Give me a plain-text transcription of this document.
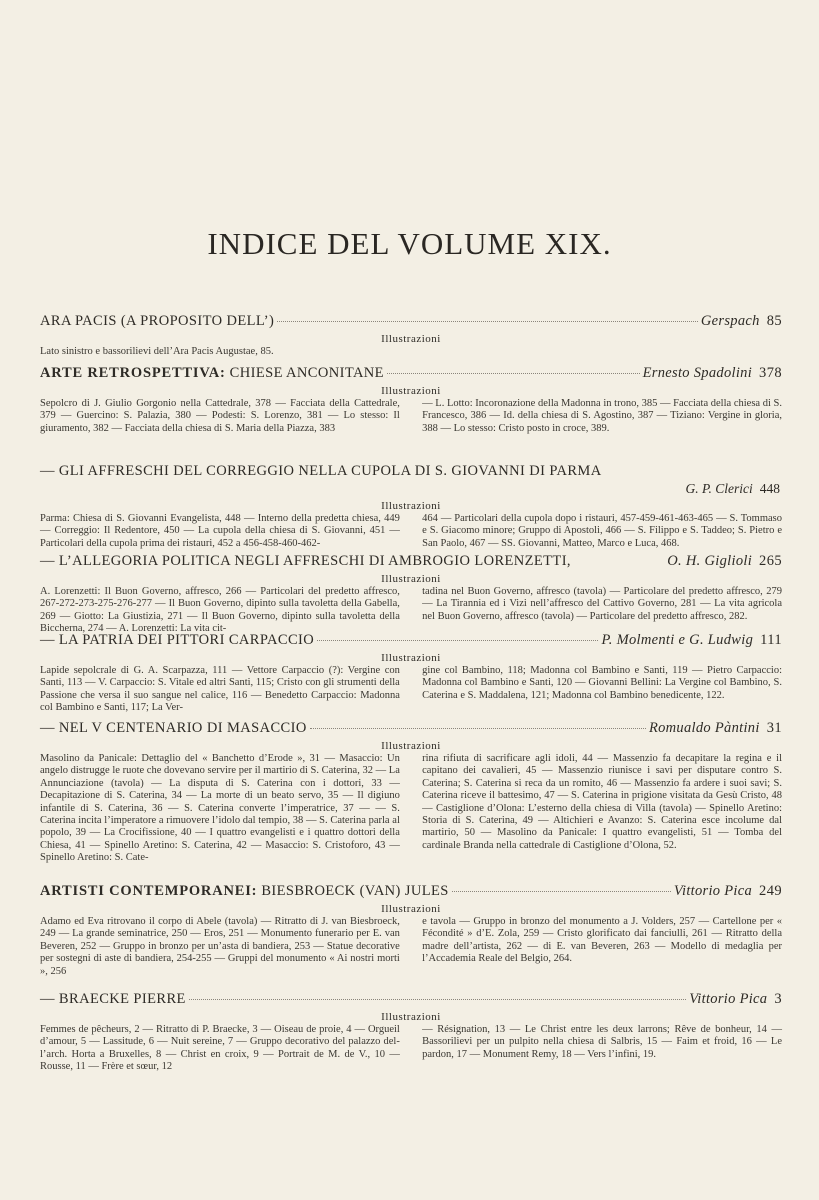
INDICE DEL VOLUME XIX.
ARA PACIS (A PROPOSITO DELL’)	Gerspach 85
Illustrazioni
Lato sinistro e bassorilievi dell’Ara Pacis Augustae, 85.
ARTE RETROSPETTIVA: CHIESE ANCONITANE	Ernesto Spadolini 378
Illustrazioni
Sepolcro di J. Giulio Gorgonio nella Cattedrale, 378 — Facciata della Cattedrale, 379 — Guercino: S. Palazia, 380 — Podesti: S. Lorenzo, 381 — Lo stesso: Il giuramento, 382 — Facciata della chiesa di S. Maria della Piazza, 383
— L. Lotto: Incoronazione della Madonna in trono, 385 — Facciata della chiesa di S. Francesco, 386 — Id. della chiesa di S. Agostino, 387 — Tiziano: Vergine in gloria, 388 — Lo stesso: Cristo posto in croce, 389.
— GLI AFFRESCHI DEL CORREGGIO NELLA CUPOLA DI S. GIOVANNI DI PARMA
G. P. Clerici 448
Illustrazioni
Parma: Chiesa di S. Giovanni Evangelista, 448 — Interno della predetta chiesa, 449 — Correggio: Il Redentore, 450 — La cupola della chiesa di S. Giovanni, 451 — Particolari della cupola prima dei ristauri, 452 a 456-458-460-462-
464 — Particolari della cupola dopo i ristauri, 457-459-461-463-465 — S. Tommaso e S. Giacomo minore; Gruppo di Apostoli, 466 — S. Filippo e S. Taddeo; S. Pietro e San Paolo, 467 — SS. Giovanni, Matteo, Marco e Luca, 468.
— L’ALLEGORIA POLITICA NEGLI AFFRESCHI DI AMBROGIO LORENZETTI,	O. H. Giglioli 265
Illustrazioni
A. Lorenzetti: Il Buon Governo, affresco, 266 — Particolari del predetto affresco, 267-272-273-275-276-277 — Il Buon Governo, dipinto sulla tavoletta della Gabella, 269 — Giotto: La Giustizia, 271 — Il Buon Governo, dipinto sulla tavoletta della Biccherna, 274 — A. Lorenzetti: La vita cit-
tadina nel Buon Governo, affresco (tavola) — Particolare del predetto affresco, 279 — La Tirannia ed i Vizi nell’affresco del Cattivo Governo, 281 — La vita agricola nel Buon Governo, affresco (tavola) — Particolare del predetto affresco, 282.
— LA PATRIA DEI PITTORI CARPACCIO	P. Molmenti e G. Ludwig 111
Illustrazioni
Lapide sepolcrale di G. A. Scarpazza, 111 — Vettore Carpaccio (?): Vergine con Santi, 113 — V. Carpaccio: S. Vitale ed altri Santi, 115; Cristo con gli strumenti della Passione che versa il suo sangue nel calice, 116 — Benedetto Carpaccio: Madonna col Bambino e Santi, 117; La Ver-
gine col Bambino, 118; Madonna col Bambino e Santi, 119 — Pietro Carpaccio: Madonna col Bambino e Santi, 120 — Giovanni Bellini: La Vergine col Bambino, S. Caterina e S. Maddalena, 121; Madonna col Bambino benedicente, 122.
— NEL V CENTENARIO DI MASACCIO	Romualdo Pàntini 31
Illustrazioni
Masolino da Panicale: Dettaglio del « Banchetto d’Erode », 31 — Masaccio: Un angelo distrugge le ruote che dovevano servire per il martirio di S. Caterina, 32 — La Annunciazione (tavola) — La disputa di S. Caterina con i dottori, 33 — Decapitazione di S. Caterina, 34 — La morte di un beato servo, 35 — Il digiuno infantile di S. Caterina, 36 — S. Caterina converte l’imperatrice, 37 — — S. Caterina incita l’imperatore a rimuovere l’idolo dal tempio, 38 — S. Caterina parla al popolo, 39 — La Crocifissione, 40 — I quattro evangelisti e i quattro dottori della Chiesa, 41 — Spinello Aretino: S. Caterina, 42 — Masaccio: S. Cristoforo, 43 — Spinello Aretino: S. Cate-
rina rifiuta di sacrificare agli idoli, 44 — Massenzio fa decapitare la regina e il capitano dei cavalieri, 45 — Massenzio riunisce i savi per disputare contro S. Caterina; S. Caterina si reca da un romito, 46 — Massenzio fa ardere i suoi savi; S. Caterina riceve il battesimo, 47 — S. Caterina in prigione visitata da Gesù Cristo, 48 — Castiglione d’Olona: L’esterno della chiesa di Villa (tavola) — Spinello Aretino: Storia di S. Caterina, 49 — Altichieri e Avanzo: S. Caterina esce incolume dal martirio, 50 — Masolino da Panicale: I quattro evangelisti, 51 — Tomba del cardinale Branda nella cattedrale di Castiglione d’Olona, 52.
ARTISTI CONTEMPORANEI: BIESBROECK (VAN) JULES	Vittorio Pica 249
Illustrazioni
Adamo ed Eva ritrovano il corpo di Abele (tavola) — Ritratto di J. van Biesbroeck, 249 — La grande seminatrice, 250 — Eros, 251 — Monumento funerario per E. van Beveren, 252 — Gruppo in bronzo per un’asta di bandiera, 253 — Statue decorative per sostegni di aste di bandiera, 254-255 — Gruppi del monumento « Ai nostri morti », 256
e tavola — Gruppo in bronzo del monumento a J. Volders, 257 — Cartellone per « Fécondité » d’E. Zola, 259 — Cristo glorificato dai fanciulli, 261 — Ritratto della madre dell’artista, 262 — di E. van Beveren, 263 — Modello di medaglia per l’Accademia Reale del Belgio, 264.
— BRAECKE PIERRE	Vittorio Pica 3
Illustrazioni
Femmes de pêcheurs, 2 — Ritratto di P. Braecke, 3 — Oiseau de proie, 4 — Orgueil d’amour, 5 — Lassitude, 6 — Nuit sereine, 7 — Gruppo decorativo del palazzo del-l’arch. Horta a Bruxelles, 8 — Christ en croix, 9 — Portrait de M. de V., 10 — Rousse, 11 — Frère et sœur, 12
— Résignation, 13 — Le Christ entre les deux larrons; Rêve de bonheur, 14 — Bassorilievi per un pulpito nella chiesa di Salbris, 15 — Faim et froid, 16 — Le pardon, 17 — Monument Remy, 18 — Vers l’infini, 19.
